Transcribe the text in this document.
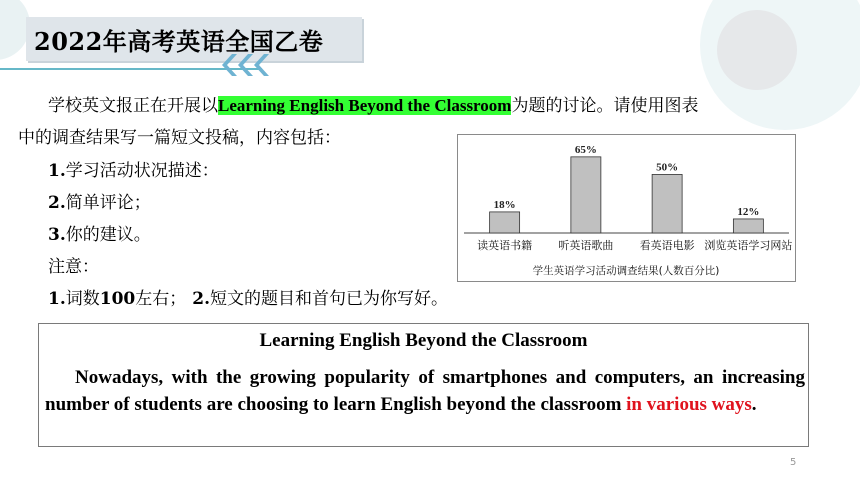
2022年高考英语全国乙卷
学校英文报正在开展以Learning English Beyond the Classroom为题的讨论。请使用图表
中的调查结果写一篇短文投稿，内容包括：
1.学习活动状况描述：
2.简单评论；
3.你的建议。
注意：
1.词数100左右； 2.短文的题目和首句已为你写好。
18%
读英语书籍
65%
听英语歌曲
50%
看英语电影
12%
浏览英语学习网站
学生英语学习活动调查结果(人数百分比)
Learning English Beyond the Classroom
Nowadays, with the growing popularity of smartphones and computers, an increasing number of students are choosing to learn English beyond the classroom in various ways.
5
